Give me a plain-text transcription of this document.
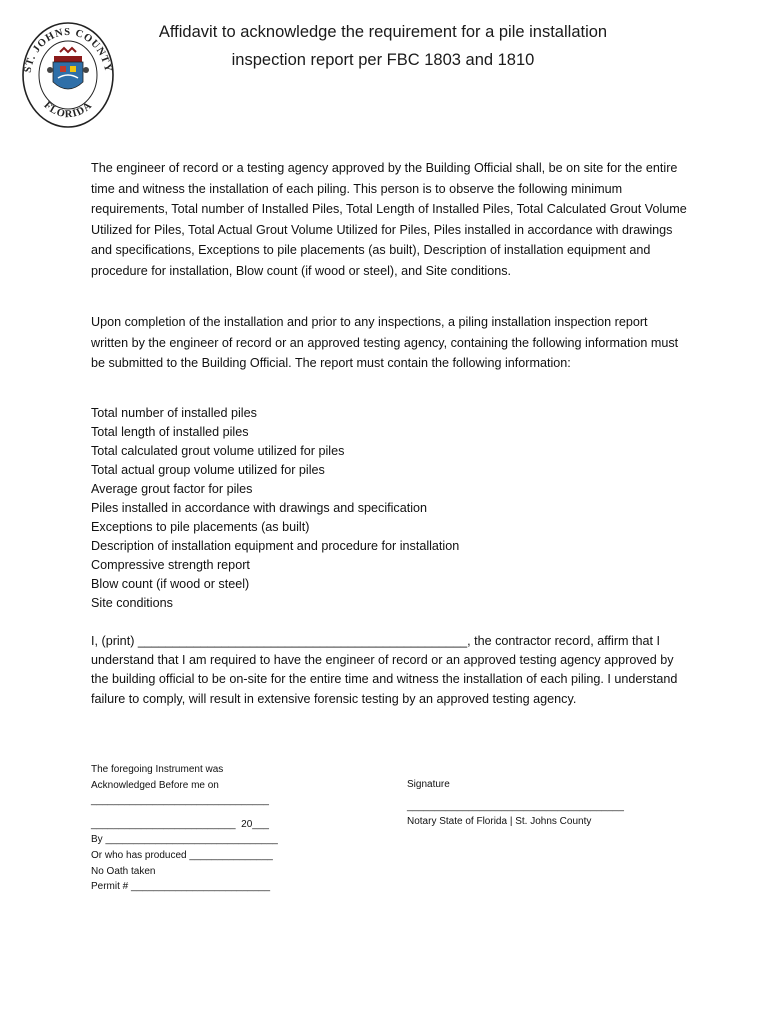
ST. JOHNS COUNTY
FLORIDA
Affidavit to acknowledge the requirement for a pile installation
inspection report per FBC 1803 and 1810

The engineer of record or a testing agency approved by the Building Official shall, be on site for the entire time and witness the installation of each piling. This person is to observe the following minimum requirements, Total number of Installed Piles, Total Length of Installed Piles, Total Calculated Grout Volume Utilized for Piles, Total Actual Grout Volume Utilized for Piles, Piles installed in accordance with drawings and specifications, Exceptions to pile placements (as built), Description of installation equipment and procedure for installation, Blow count (if wood or steel), and Site conditions.

Upon completion of the installation and prior to any inspections, a piling installation inspection report written by the engineer of record or an approved testing agency, containing the following information must be submitted to the Building Official. The report must contain the following information:

Total number of installed piles
Total length of installed piles
Total calculated grout volume utilized for piles
Total actual group volume utilized for piles
Average grout factor for piles
Piles installed in accordance with drawings and specification
Exceptions to pile placements (as built)
Description of installation equipment and procedure for installation
Compressive strength report
Blow count (if wood or steel)
Site conditions

I, (print) _______________________________________________, the contractor record, affirm that I understand that I am required to have the engineer of record or an approved testing agency approved by the building official to be on-site for the entire time and witness the installation of each piling. I understand failure to comply, will result in extensive forensic testing by an approved testing agency.

The foregoing Instrument was
Acknowledged Before me on
________________________________
__________________________  20___
By _______________________________
Or who has produced _______________
No Oath taken
Permit # _________________________
Signature
_______________________________________
Notary State of Florida | St. Johns County
